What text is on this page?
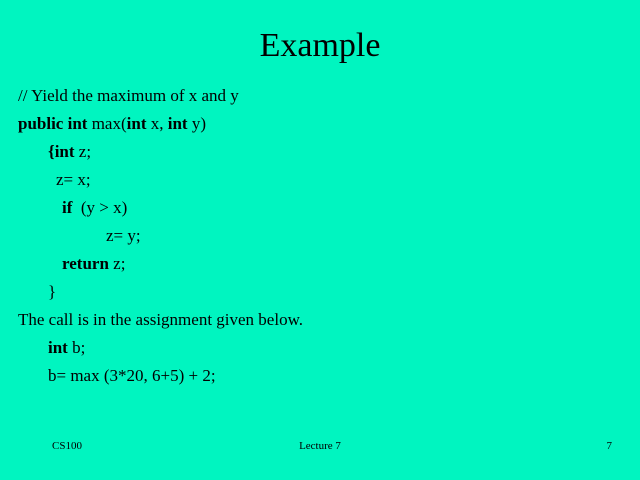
Example
// Yield the maximum of x and y
public int max(int x, int y)
{int z;
z= x;
if  (y > x)
z= y;
return z;
}
The call is in the assignment given below.
int b;
b= max (3*20, 6+5) + 2;
CS100	Lecture 7	7
